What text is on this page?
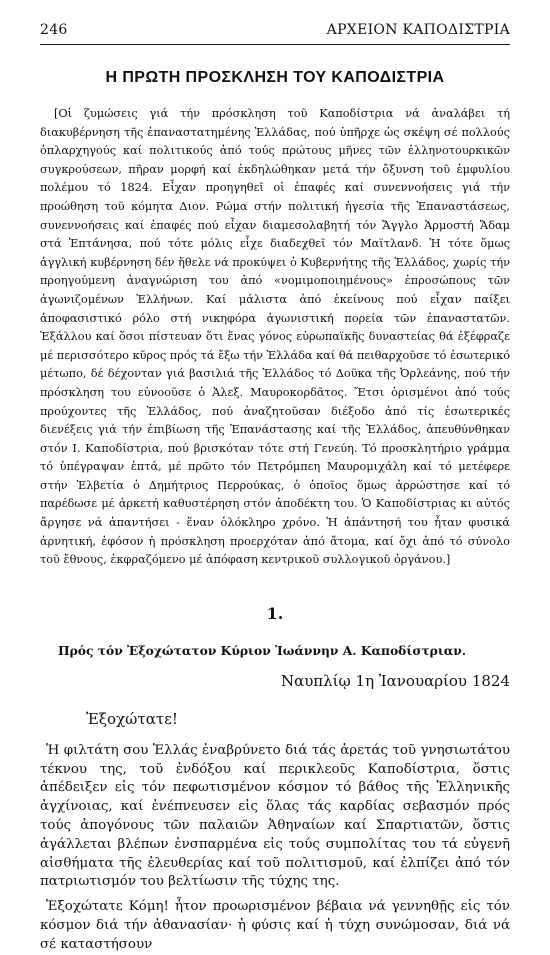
246	ΑΡΧΕΙΟΝ ΚΑΠΟΔΙΣΤΡΙΑ
Η ΠΡΩΤΗ ΠΡΟΣΚΛΗΣΗ ΤΟΥ ΚΑΠΟΔΙΣΤΡΙΑ

[Οἱ ζυμώσεις γιά τήν πρόσκληση τοῦ Καποδίστρια νά ἀναλάβει τή διακυβέρνηση τῆς ἐπαναστατημένης Ἑλλάδας, πού ὑπῆρχε ὡς σκέψη σέ πολλούς ὁπλαρχηγούς καί πολιτικούς ἀπό τούς πρώτους μῆνες τῶν ἑλληνοτουρκικῶν συγκρούσεων, πῆραν μορφή καί ἐκδηλώθηκαν μετά τήν ὄξυνση τοῦ ἐμφυλίου πολέμου τό 1824. Εἶχαν προηγηθεῖ οἱ ἐπαφές καί συνεννοήσεις γιά τήν προώθηση τοῦ κόμητα Διον. Ρώμα στήν πολιτική ἡγεσία τῆς Ἐπαναστάσεως, συνεννοήσεις καί ἐπαφές πού εἶχαν διαμεσολαβητή τόν Ἄγγλο Ἁρμοστή Ἄδαμ στά Ἑπτάνησα, πού τότε μόλις εἶχε διαδεχθεῖ τόν Μαϊτλανδ. Ἡ τότε ὅμως ἀγγλική κυβέρνηση δέν ἤθελε νά προκύψει ὁ Κυβερνήτης τῆς Ἑλλάδος, χωρίς τήν προηγούμενη ἀναγνώριση του ἀπό «νομιμοποιημένους» ἐπροσώπους τῶν ἀγωνιζομένων Ἑλλήνων. Καί μάλιστα ἀπό ἐκείνους πού εἶχαν παίξει ἀποφασιστικό ρόλο στή νικηφόρα ἀγωνιστική πορεία τῶν ἐπαναστατῶν. Ἐξάλλου καί ὅσοι πίστευαν ὅτι ἕνας γόνος εὐρωπαϊκῆς δυναστείας θά ἐξέφραζε μέ περισσότερο κῦρος πρός τά ἔξω τήν Ἑλλάδα καί θά πειθαρχοῦσε τό ἐσωτερικό μέτωπο, δέ δέχονταν γιά βασιλιά τῆς Ἑλλάδος τό Δοῦκα τῆς Ὀρλεάνης, πού τήν πρόσκληση του εὐνοοῦσε ὁ Ἀλεξ. Μαυροκορδᾶτος. Ἔτσι ὁρισμένοι ἀπό τούς προύχοντες τῆς Ἑλλάδος, πού ἀναζητοῦσαν διέξοδο ἀπό τίς ἐσωτερικές διενέξεις γιά τήν ἐπιβίωση τῆς Ἐπανάστασης καί τῆς Ἑλλάδος, ἀπευθύνθηκαν στόν Ι. Καποδίστρια, πού βρισκόταν τότε στή Γενεύη. Τό προσκλητήριο γράμμα τό ὑπέγραψαν ἑπτά, μέ πρῶτο τόν Πετρόμπεη Μαυρομιχάλη καί τό μετέφερε στήν Ἐλβετία ὁ Δημήτριος Περρούκας, ὁ ὁποῖος ὅμως ἀρρώστησε καί τό παρέδωσε μέ ἀρκετή καθυστέρηση στόν ἀποδέκτη του. Ὁ Καποδίστριας κι αὐτός ἄργησε νά ἀπαντήσει - ἕναν ὁλόκληρο χρόνο. Ἡ ἀπάντησή του ἦταν φυσικά ἀρνητική, ἐφόσον ἡ πρόσκληση προερχόταν ἀπό ἄτομα, καί ὄχι ἀπό τό σύνολο τοῦ ἔθνους, ἐκφραζόμενο μέ ἀπόφαση κεντρικοῦ συλλογικοῦ ὀργάνου.]

1.
Πρός τόν Ἐξοχώτατον Κύριον Ἰωάννην Α. Καποδίστριαν.
Ναυπλίῳ 1η Ἰανουαρίου 1824
Ἐξοχώτατε!

Ἡ φιλτάτη σου Ἑλλάς ἐναβρύνετο διά τάς ἀρετάς τοῦ γνησιωτάτου τέκνου της, τοῦ ἐνδόξου καί περικλεοῦς Καποδίστρια, ὅστις ἀπέδειξεν εἰς τόν πεφωτισμένον κόσμον τό βάθος τῆς Ἑλληνικῆς ἀγχίνοιας, καί ἐνέπνευσεν εἰς ὅλας τάς καρδίας σεβασμόν πρός τούς ἀπογόνους τῶν παλαιῶν Ἀθηναίων καί Σπαρτιατῶν, ὅστις ἀγάλλεται βλέπων ἐνσπαρμένα εἰς τούς συμπολίτας του τά εὐγενῆ αἰσθήματα τῆς ἐλευθερίας καί τοῦ πολιτισμοῦ, καί ἐλπίζει ἀπό τόν πατριωτισμόν του βελτίωσιν τῆς τύχης της.

Ἐξοχώτατε Κόμη! ἦτον προωρισμένον βέβαια νά γεννηθῇς εἰς τόν κόσμον διά τήν ἀθανασίαν· ἡ φύσις καί ἡ τύχη συνώμοσαν, διά νά σέ καταστήσουν
